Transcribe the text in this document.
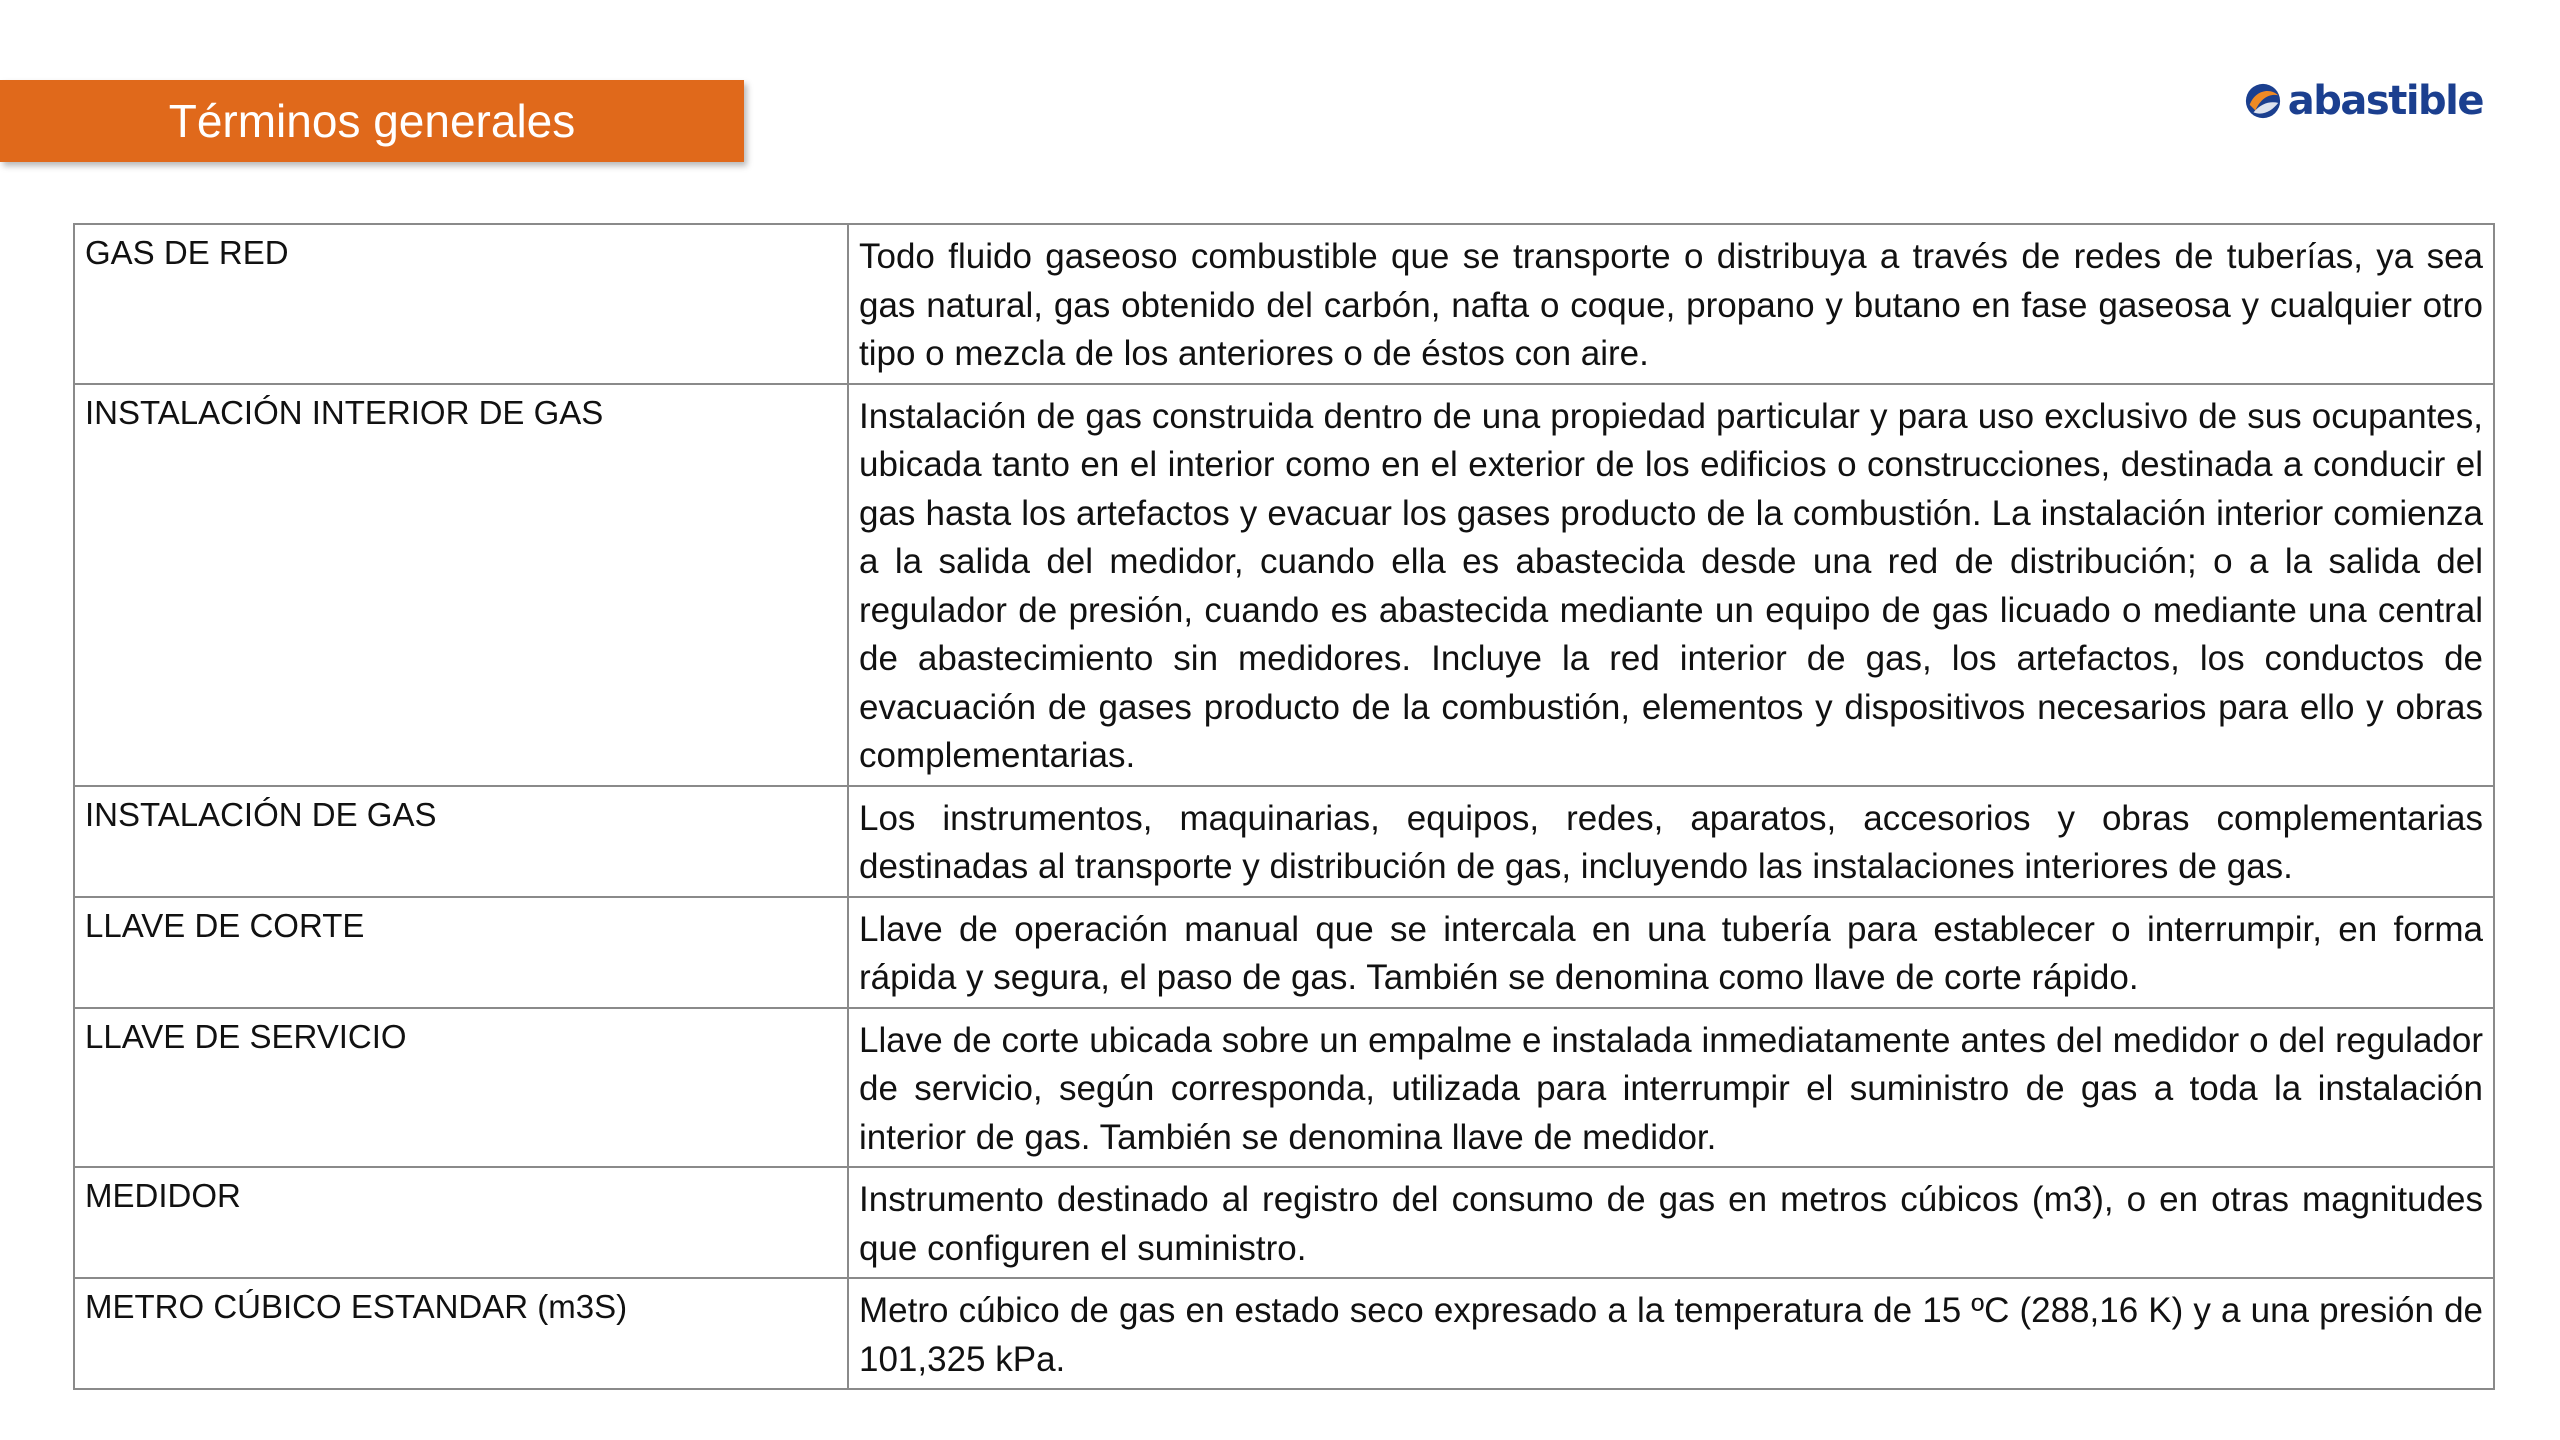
Términos generales	abastible
GAS DE RED	Todo fluido gaseoso combustible que se transporte o distribuya a través de redes de tuberías, ya sea gas natural, gas obtenido del carbón, nafta o coque, propano y butano en fase gaseosa y cualquier otro tipo o mezcla de los anteriores o de éstos con aire.
INSTALACIÓN INTERIOR DE GAS	Instalación de gas construida dentro de una propiedad particular y para uso exclusivo de sus ocupantes, ubicada tanto en el interior como en el exterior de los edificios o construcciones, destinada a conducir el gas hasta los artefactos y evacuar los gases producto de la combustión. La instalación interior comienza a la salida del medidor, cuando ella es abastecida desde una red de distribución; o a la salida del regulador de presión, cuando es abastecida mediante un equipo de gas licuado o mediante una central de abastecimiento sin medidores. Incluye la red interior de gas, los artefactos, los conductos de evacuación de gases producto de la combustión, elementos y dispositivos necesarios para ello y obras complementarias.
INSTALACIÓN DE GAS	Los instrumentos, maquinarias, equipos, redes, aparatos, accesorios y obras complementarias destinadas al transporte y distribución de gas, incluyendo las instalaciones interiores de gas.
LLAVE DE CORTE	Llave de operación manual que se intercala en una tubería para establecer o interrumpir, en forma rápida y segura, el paso de gas. También se denomina como llave de corte rápido.
LLAVE DE SERVICIO	Llave de corte ubicada sobre un empalme e instalada inmediatamente antes del medidor o del regulador de servicio, según corresponda, utilizada para interrumpir el suministro de gas a toda la instalación interior de gas. También se denomina llave de medidor.
MEDIDOR	Instrumento destinado al registro del consumo de gas en metros cúbicos (m3), o en otras magnitudes que configuren el suministro.
METRO CÚBICO ESTANDAR (m3S)	Metro cúbico de gas en estado seco expresado a la temperatura de 15 ºC (288,16 K) y a una presión de 101,325 kPa.
